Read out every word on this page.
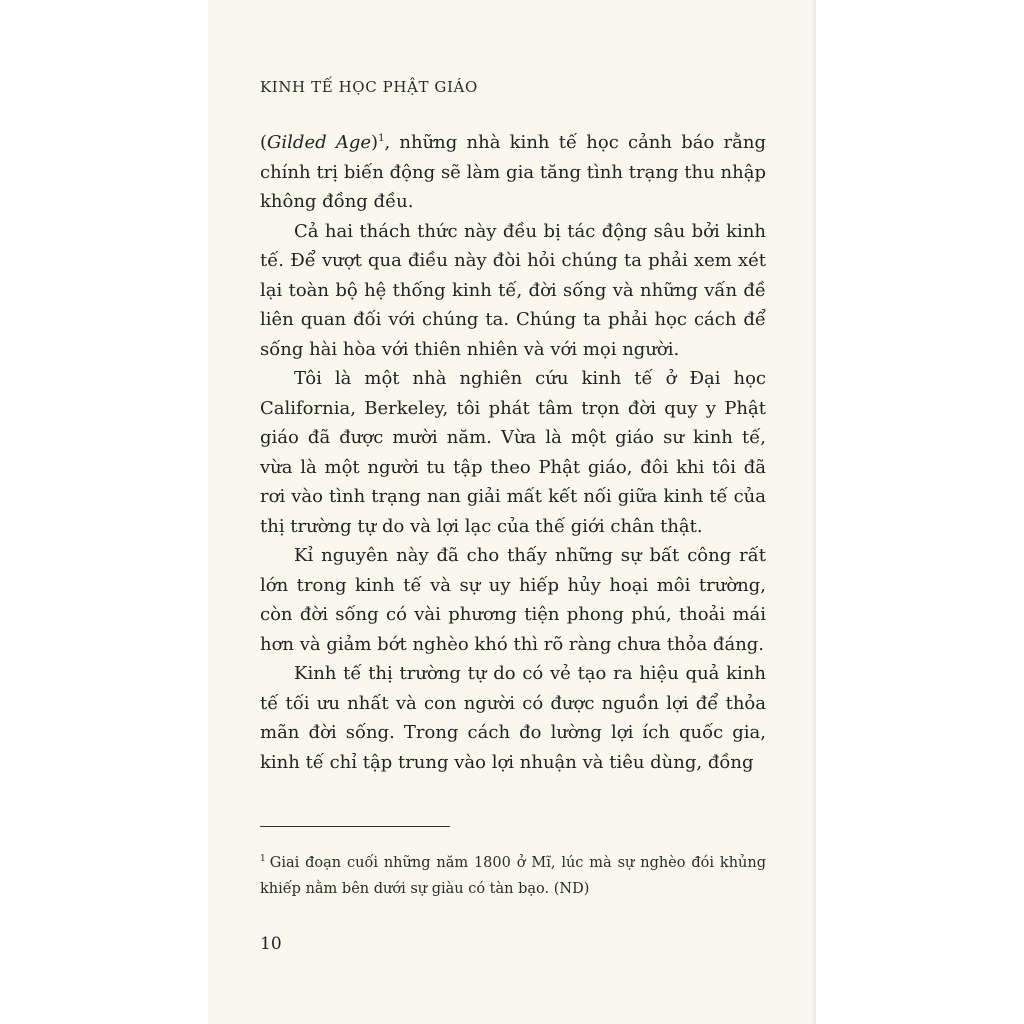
KINH TẾ HỌC PHẬT GIÁO

(Gilded Age)$^1$, những nhà kinh tế học cảnh báo rằng chính trị biến động sẽ làm gia tăng tình trạng thu nhập không đồng đều.

Cả hai thách thức này đều bị tác động sâu bởi kinh tế. Để vượt qua điều này đòi hỏi chúng ta phải xem xét lại toàn bộ hệ thống kinh tế, đời sống và những vấn đề liên quan đối với chúng ta. Chúng ta phải học cách để sống hài hòa với thiên nhiên và với mọi người.

Tôi là một nhà nghiên cứu kinh tế ở Đại học California, Berkeley, tôi phát tâm trọn đời quy y Phật giáo đã được mười năm. Vừa là một giáo sư kinh tế, vừa là một người tu tập theo Phật giáo, đôi khi tôi đã rơi vào tình trạng nan giải mất kết nối giữa kinh tế của thị trường tự do và lợi lạc của thế giới chân thật.

Kỉ nguyên này đã cho thấy những sự bất công rất lớn trong kinh tế và sự uy hiếp hủy hoại môi trường, còn đời sống có vài phương tiện phong phú, thoải mái hơn và giảm bớt nghèo khó thì rõ ràng chưa thỏa đáng.

Kinh tế thị trường tự do có vẻ tạo ra hiệu quả kinh tế tối ưu nhất và con người có được nguồn lợi để thỏa mãn đời sống. Trong cách đo lường lợi ích quốc gia, kinh tế chỉ tập trung vào lợi nhuận và tiêu dùng, đồng

$^1$ Giai đoạn cuối những năm 1800 ở Mĩ, lúc mà sự nghèo đói khủng khiếp nằm bên dưới sự giàu có tàn bạo. (ND)
10
